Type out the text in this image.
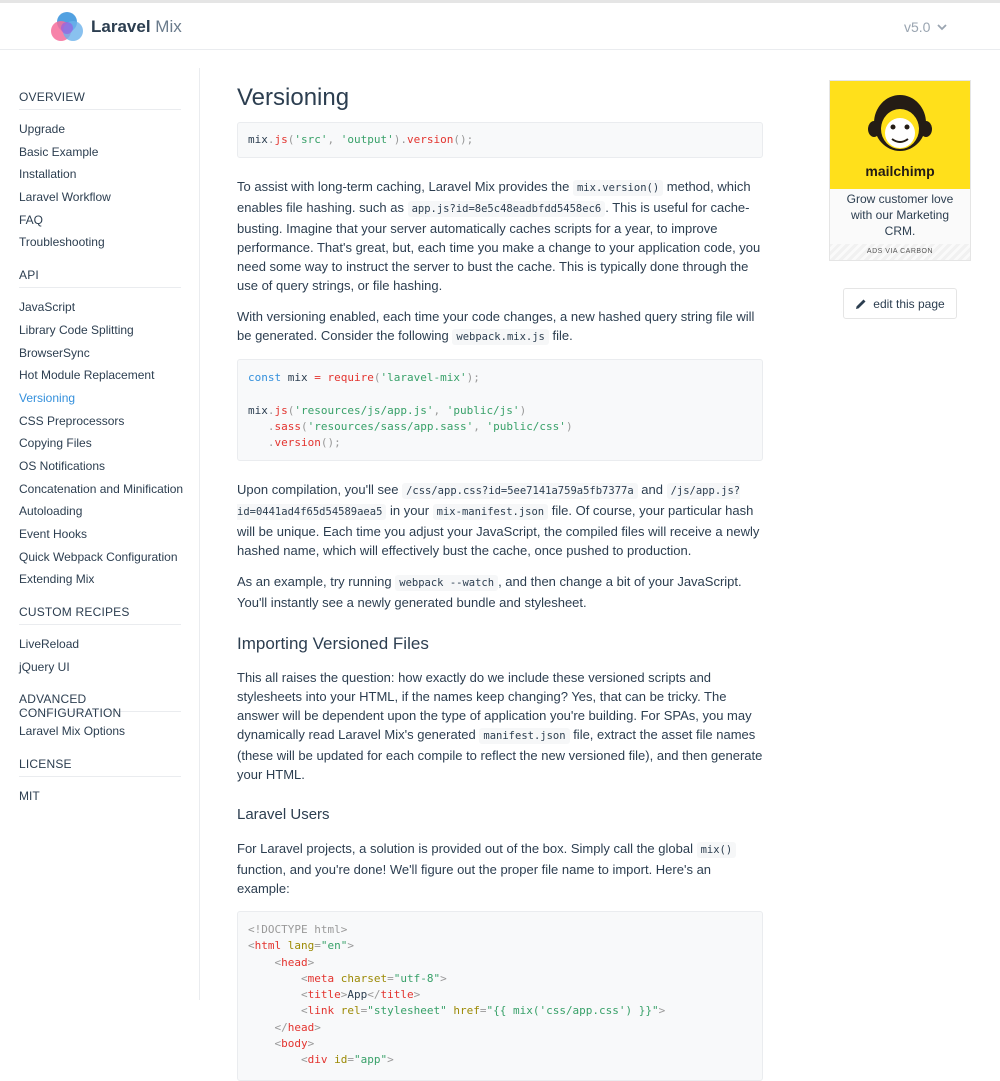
Laravel Mix	v5.0
OVERVIEW
Upgrade
Basic Example
Installation
Laravel Workflow
FAQ
Troubleshooting
API
JavaScript
Library Code Splitting
BrowserSync
Hot Module Replacement
Versioning
CSS Preprocessors
Copying Files
OS Notifications
Concatenation and Minification
Autoloading
Event Hooks
Quick Webpack Configuration
Extending Mix
CUSTOM RECIPES
LiveReload
jQuery UI
ADVANCED CONFIGURATION
Laravel Mix Options
LICENSE
MIT
Versioning
mix.js('src', 'output').version();

To assist with long-term caching, Laravel Mix provides the mix.version() method, which enables file hashing. such as app.js?id=8e5c48eadbfdd5458ec6 . This is useful for cache-busting. Imagine that your server automatically caches scripts for a year, to improve performance. That's great, but, each time you make a change to your application code, you need some way to instruct the server to bust the cache. This is typically done through the use of query strings, or file hashing.

With versioning enabled, each time your code changes, a new hashed query string file will be generated. Consider the following webpack.mix.js file.

const mix = require('laravel-mix');

mix.js('resources/js/app.js', 'public/js')
.sass('resources/sass/app.sass', 'public/css')
.version();

Upon compilation, you'll see /css/app.css?id=5ee7141a759a5fb7377a and /js/app.js?id=0441ad4f65d54589aea5 in your mix-manifest.json file. Of course, your particular hash will be unique. Each time you adjust your JavaScript, the compiled files will receive a newly hashed name, which will effectively bust the cache, once pushed to production.

As an example, try running webpack --watch , and then change a bit of your JavaScript. You'll instantly see a newly generated bundle and stylesheet.

Importing Versioned Files

This all raises the question: how exactly do we include these versioned scripts and stylesheets into your HTML, if the names keep changing? Yes, that can be tricky. The answer will be dependent upon the type of application you're building. For SPAs, you may dynamically read Laravel Mix's generated manifest.json file, extract the asset file names (these will be updated for each compile to reflect the new versioned file), and then generate your HTML.

Laravel Users

For Laravel projects, a solution is provided out of the box. Simply call the global mix() function, and you're done! We'll figure out the proper file name to import. Here's an example:

<!DOCTYPE html>
<html lang="en">
<head>
<meta charset="utf-8">
<title>App</title>
<link rel="stylesheet" href="{{ mix('css/app.css') }}">
</head>
<body>
<div id="app">
mailchimp
Grow customer love with our Marketing CRM.
ADS VIA CARBON
edit this page
